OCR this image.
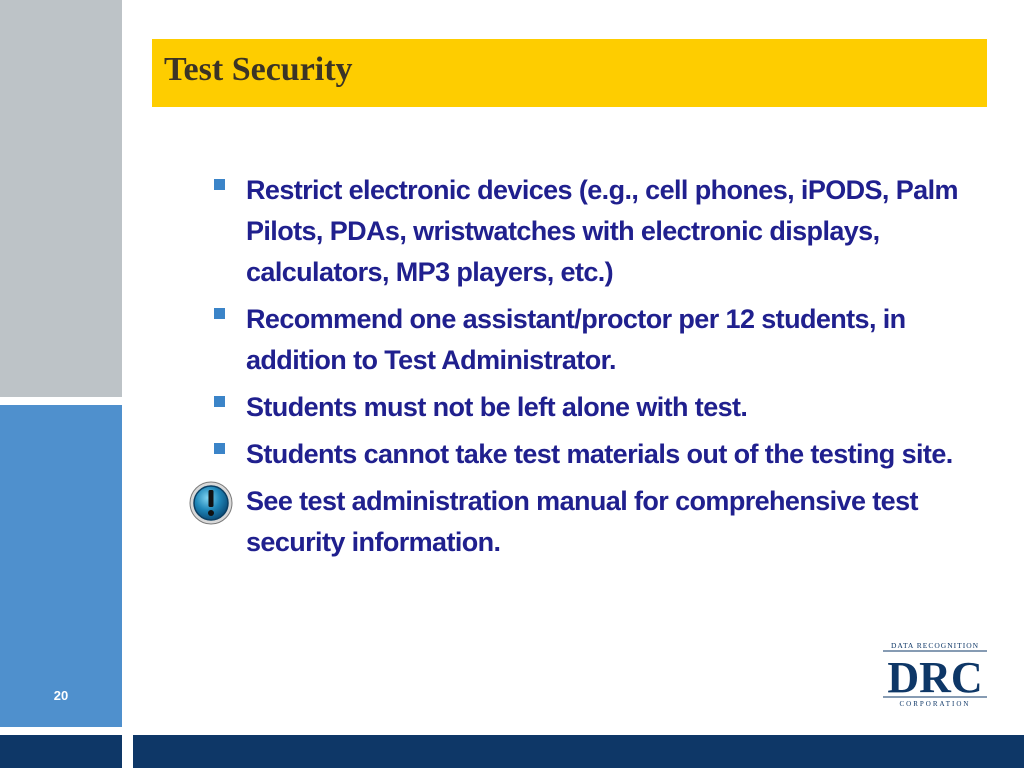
20
Test Security
Restrict electronic devices (e.g., cell phones, iPODS, Palm Pilots, PDAs, wristwatches with electronic displays, calculators, MP3 players, etc.)
Recommend one assistant/proctor per 12 students, in addition to Test Administrator.
Students must not be left alone with test.
Students cannot take test materials out of the testing site.
See test administration manual for comprehensive test security information.
DATA RECOGNITION
DRC
CORPORATION
